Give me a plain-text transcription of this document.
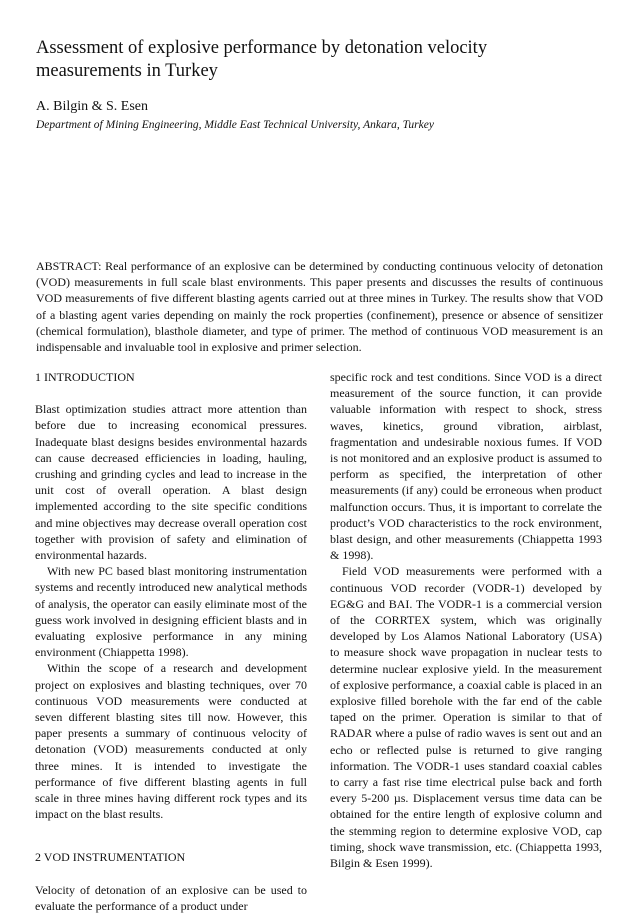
Assessment of explosive performance by detonation velocity measurements in Turkey
A. Bilgin & S. Esen
Department of Mining Engineering, Middle East Technical University, Ankara, Turkey

ABSTRACT: Real performance of an explosive can be determined by conducting continuous velocity of detonation (VOD) measurements in full scale blast environments. This paper presents and discusses the results of continuous VOD measurements of five different blasting agents carried out at three mines in Turkey. The results show that VOD of a blasting agent varies depending on mainly the rock properties (confinement), presence or absence of sensitizer (chemical formulation), blasthole diameter, and type of primer. The method of continuous VOD measurement is an indispensable and invaluable tool in explosive and primer selection.

1 INTRODUCTION

Blast optimization studies attract more attention than before due to increasing economical pressures. Inadequate blast designs besides environmental hazards can cause decreased efficiencies in loading, hauling, crushing and grinding cycles and lead to increase in the unit cost of overall operation. A blast design implemented according to the site specific conditions and mine objectives may decrease overall operation cost together with provision of safety and elimination of environmental hazards.

With new PC based blast monitoring instrumentation systems and recently introduced new analytical methods of analysis, the operator can easily eliminate most of the guess work involved in designing efficient blasts and in evaluating explosive performance in any mining environment (Chiappetta 1998).

Within the scope of a research and development project on explosives and blasting techniques, over 70 continuous VOD measurements were conducted at seven different blasting sites till now. However, this paper presents a summary of continuous velocity of detonation (VOD) measurements conducted at only three mines. It is intended to investigate the performance of five different blasting agents in full scale in three mines having different rock types and its impact on the blast results.

2 VOD INSTRUMENTATION

Velocity of detonation of an explosive can be used to evaluate the performance of a product under

specific rock and test conditions. Since VOD is a direct measurement of the source function, it can provide valuable information with respect to shock, stress waves, kinetics, ground vibration, airblast, fragmentation and undesirable noxious fumes. If VOD is not monitored and an explosive product is assumed to perform as specified, the interpretation of other measurements (if any) could be erroneous when product malfunction occurs. Thus, it is important to correlate the product’s VOD characteristics to the rock environment, blast design, and other measurements (Chiappetta 1993 & 1998).

Field VOD measurements were performed with a continuous VOD recorder (VODR-1) developed by EG&G and BAI. The VODR-1 is a commercial version of the CORRTEX system, which was originally developed by Los Alamos National Laboratory (USA) to measure shock wave propagation in nuclear tests to determine nuclear explosive yield. In the measurement of explosive performance, a coaxial cable is placed in an explosive filled borehole with the far end of the cable taped on the primer. Operation is similar to that of RADAR where a pulse of radio waves is sent out and an echo or reflected pulse is returned to give ranging information. The VODR-1 uses standard coaxial cables to carry a fast rise time electrical pulse back and forth every 5-200 µs. Displacement versus time data can be obtained for the entire length of explosive column and the stemming region to determine explosive VOD, cap timing, shock wave transmission, etc. (Chiappetta 1993, Bilgin & Esen 1999).
